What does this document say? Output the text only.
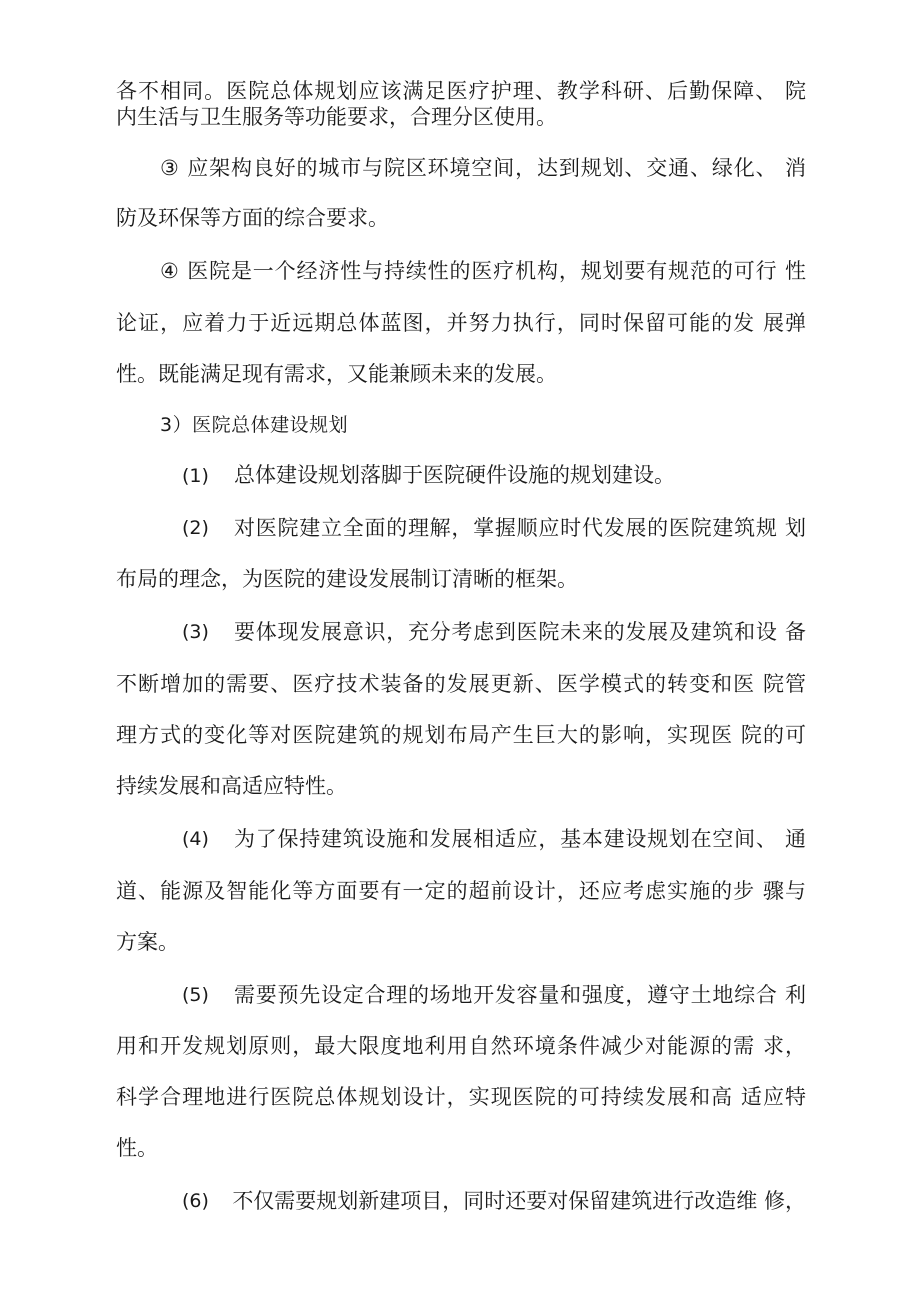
各不相同。医院总体规划应该满足医疗护理、教学科研、后勤保障、 院
内生活与卫生服务等功能要求，合理分区使用。
③ 应架构良好的城市与院区环境空间，达到规划、交通、绿化、 消
防及环保等方面的综合要求。
④ 医院是一个经济性与持续性的医疗机构，规划要有规范的可行 性
论证，应着力于近远期总体蓝图，并努力执行，同时保留可能的发 展弹
性。既能满足现有需求，又能兼顾未来的发展。
3）医院总体建设规划
(1) 总体建设规划落脚于医院硬件设施的规划建设。
(2)	对医院建立全面的理解，掌握顺应时代发展的医院建筑规 划
布局的理念，为医院的建设发展制订清晰的框架。
(3)	要体现发展意识，充分考虑到医院未来的发展及建筑和设 备
不断增加的需要、医疗技术装备的发展更新、医学模式的转变和医 院管
理方式的变化等对医院建筑的规划布局产生巨大的影响，实现医 院的可
持续发展和高适应特性。
(4)	为了保持建筑设施和发展相适应，基本建设规划在空间、 通
道、能源及智能化等方面要有一定的超前设计，还应考虑实施的步 骤与
方案。
(5)	需要预先设定合理的场地开发容量和强度，遵守土地综合 利
用和开发规划原则，最大限度地利用自然环境条件减少对能源的需 求，
科学合理地进行医院总体规划设计，实现医院的可持续发展和高 适应特
性。
(6)	不仅需要规划新建项目，同时还要对保留建筑进行改造维 修，
